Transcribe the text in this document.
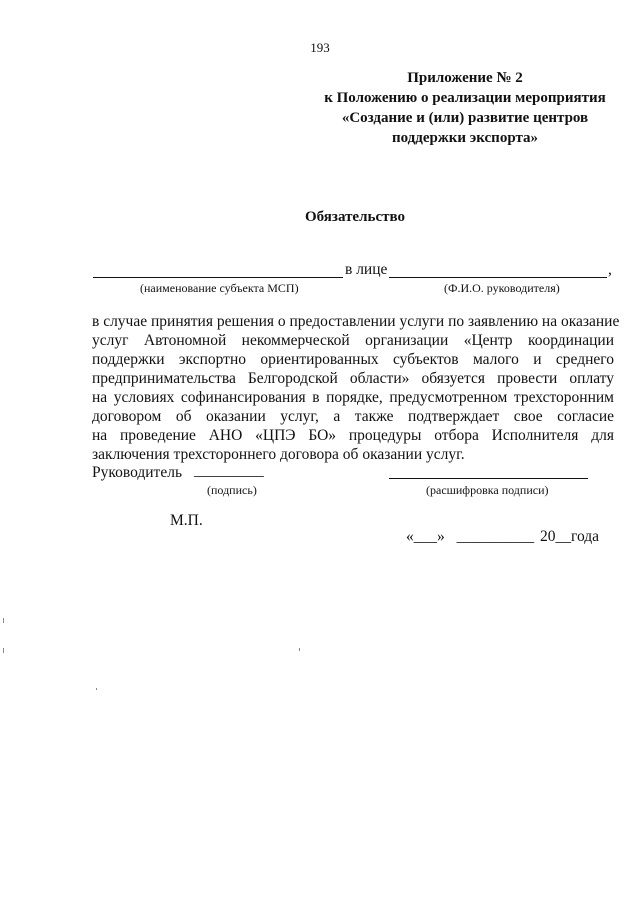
193
Приложение № 2
к Положению о реализации мероприятия
«Создание и (или) развитие центров
поддержки экспорта»
Обязательство
в лице	,
(наименование субъекта МСП)	(Ф.И.О. руководителя)
в случае принятия решения о предоставлении услуги по заявлению на оказание
услуг Автономной некоммерческой организации «Центр координации
поддержки экспортно ориентированных субъектов малого и среднего
предпринимательства Белгородской области» обязуется провести оплату
на условиях софинансирования в порядке, предусмотренном трехсторонним
договором об оказании услуг, а также подтверждает свое согласие
на проведение АНО «ЦПЭ БО» процедуры отбора Исполнителя для
заключения трехстороннего договора об оказании услуг.
Руководитель _________
(подпись)	(расшифровка подписи)
М.П.
«___» __________ 20__года
